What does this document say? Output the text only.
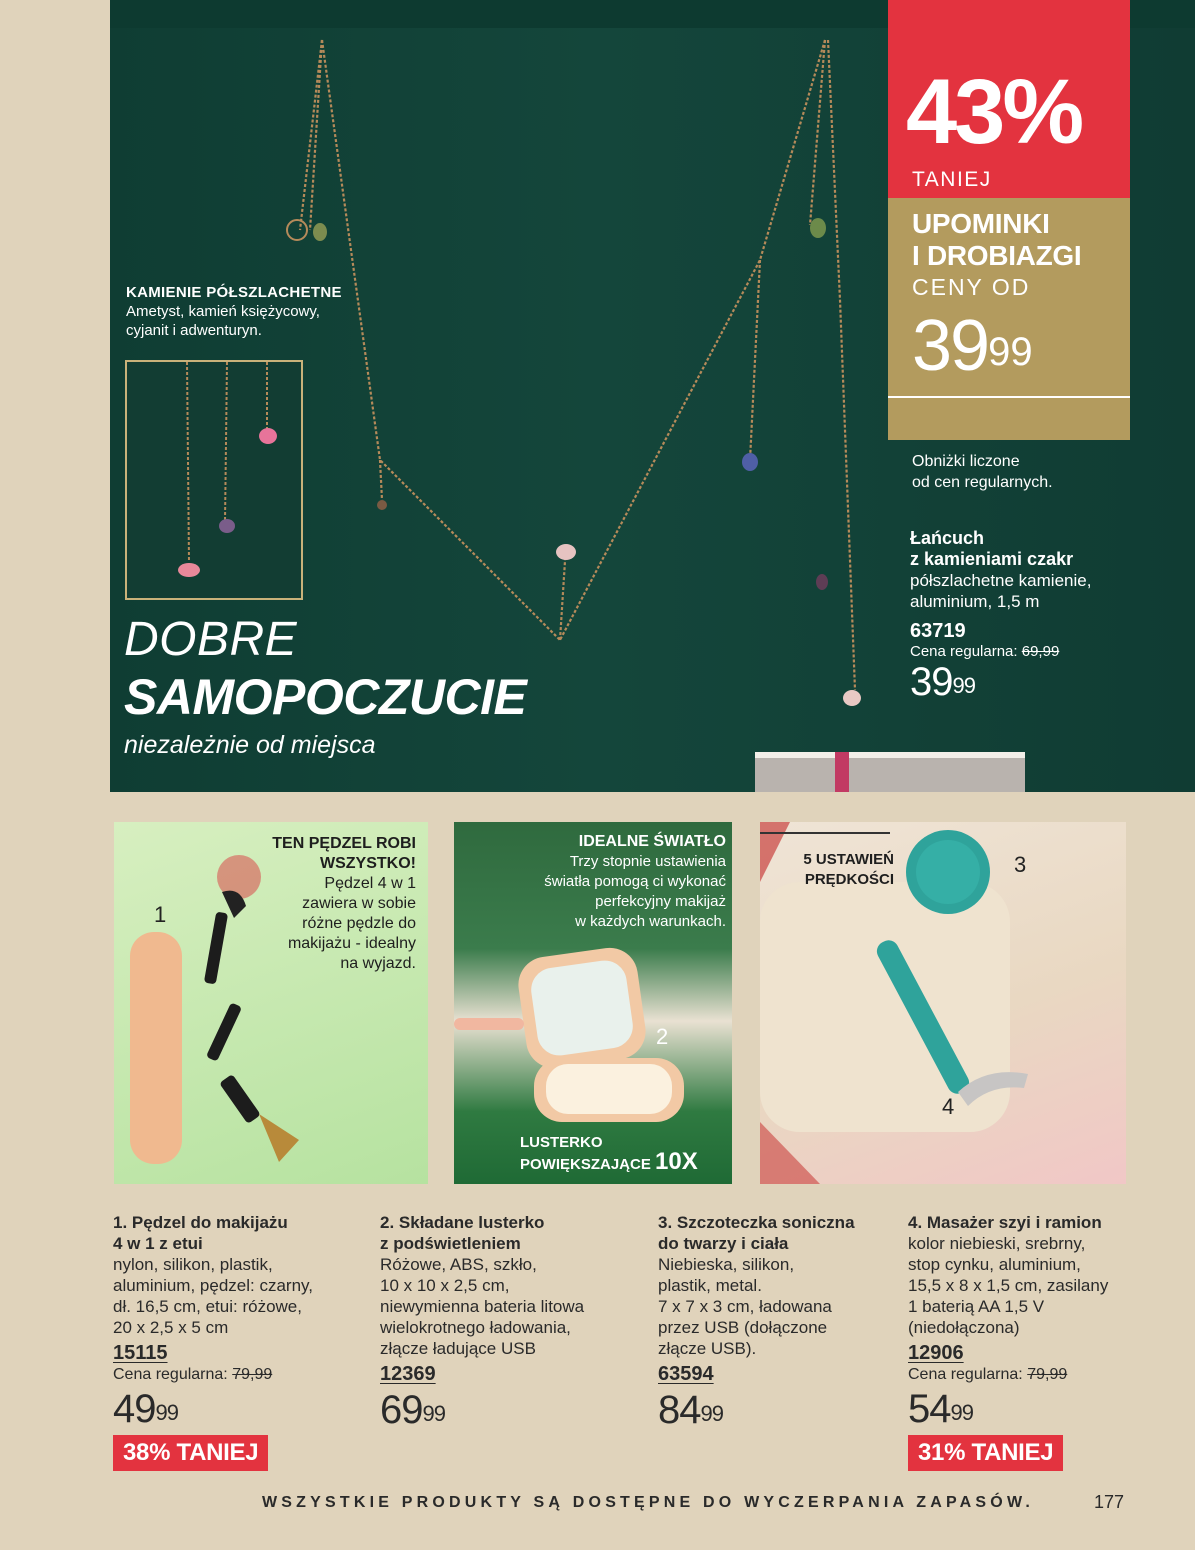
KAMIENIE PÓŁSZLACHETNE
Ametyst, kamień księżycowy,
cyjanit i adwenturyn.
DOBRE
SAMOPOCZUCIE
niezależnie od miejsca
43%
TANIEJ
UPOMINKI
I DROBIAZGI
CENY OD
$39^{99}$
Obniżki liczone
od cen regularnych.
Łańcuch
z kamieniami czakr
półszlachetne kamienie,
aluminium, 1,5 m
63719
Cena regularna: 69,99
$39^{99}$
1
TEN PĘDZEL ROBI
WSZYSTKO!
Pędzel 4 w 1
zawiera w sobie
różne pędzle do
makijażu - idealny
na wyjazd.
2
IDEALNE ŚWIATŁO
Trzy stopnie ustawienia
światła pomogą ci wykonać
perfekcyjny makijaż
w każdych warunkach.
LUSTERKO
POWIĘKSZAJĄCE 10X
5 USTAWIEŃ
PRĘDKOŚCI
3
4
1. Pędzel do makijażu
4 w 1 z etui
nylon, silikon, plastik,
aluminium, pędzel: czarny,
dł. 16,5 cm, etui: różowe,
20 x 2,5 x 5 cm
15115
Cena regularna: 79,99
$49^{99}$
38% TANIEJ
2. Składane lusterko
z podświetleniem
Różowe, ABS, szkło,
10 x 10 x 2,5 cm,
niewymienna bateria litowa
wielokrotnego ładowania,
złącze ładujące USB
12369
$69^{99}$
3. Szczoteczka soniczna
do twarzy i ciała
Niebieska, silikon,
plastik, metal.
7 x 7 x 3 cm, ładowana
przez USB (dołączone
złącze USB).
63594
$84^{99}$
4. Masażer szyi i ramion
kolor niebieski, srebrny,
stop cynku, aluminium,
15,5 x 8 x 1,5 cm, zasilany
1 baterią AA 1,5 V
(niedołączona)
12906
Cena regularna: 79,99
$54^{99}$
31% TANIEJ
WSZYSTKIE PRODUKTY SĄ DOSTĘPNE DO WYCZERPANIA ZAPASÓW.	177
